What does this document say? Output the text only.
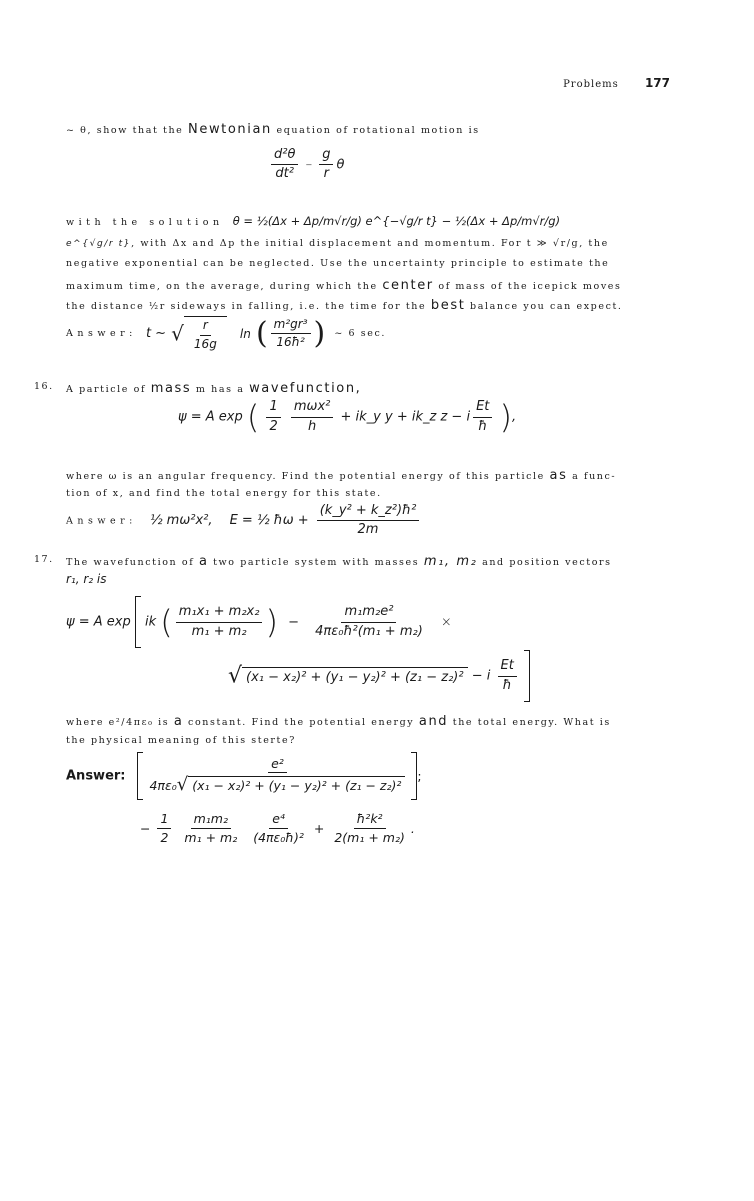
Problems 177
~ θ, show that the Newtonian equation of rotational motion is
$\frac{\text{d²θ}}{\text{dt²}} - \frac{g}{r}$ θ
with the solution θ = ½(Δx + Δp/m√r/g) e^{−√g/r t} − ½(Δx + Δp/m√r/g)
e^{√g/r t}, with Δx and Δp the initial displacement and momentum. For t ≫ √r/g, the
negative exponential can be neglected. Use the uncertainty principle to estimate the
maximum time, on the average, during which the center of mass of the icepick moves
the distance ½r sideways in falling, i.e. the time for the best balance you can expect.
Answer: t ~ √ $\frac{r}{16g}$ ln ( $\frac{\text{m²gr³}}{\text{16ħ²}}$ ) ~ 6 sec.
16. A particle of mass m has a wavefunction,
ψ = A exp ( $\frac{1}{2}$
$\frac{\text{mωx²}}{h}$ + ik_y y + ik_z z − i $\frac{Et}{ħ}$ ),
where ω is an angular frequency. Find the potential energy of this particle as a func-
tion of x, and find the total energy for this state.
Answer: ½ mω²x², E = ½ ħω + $\frac{\text{(k\_y² + k\_z²)ħ²}}{2m}$
17. The wavefunction of a two particle system with masses m₁, m₂ and position vectors
r₁, r₂ is
ψ = A exp ik ( $\frac{\text{m₁x₁ + m₂x₂}}{\text{m₁ + m₂}}$ ) − $\frac{\text{m₁m₂e²}}{\text{4πε₀ħ²(m₁ + m₂)}}$ ×
√ (x₁ − x₂)² + (y₁ − y₂)² + (z₁ − z₂)² − i $\frac{Et}{ħ}$

where e²/4πε₀ is a constant. Find the potential energy and the total energy. What is
the physical meaning of this sterte?
Answer: $\frac{\text{e²}}{\text{4πε₀√ (x₁ − x₂)² + (y₁ − y₂)² + (z₁ − z₂)²}}$ ;
− $\frac{1}{2}$
$\frac{\text{m₁m₂}}{\text{m₁ + m₂}}$
$\frac{\text{e⁴}}{\text{(4πε₀ħ)²}} + \frac{\text{ħ²k²}}{\text{2(m₁ + m₂)}}$ .
